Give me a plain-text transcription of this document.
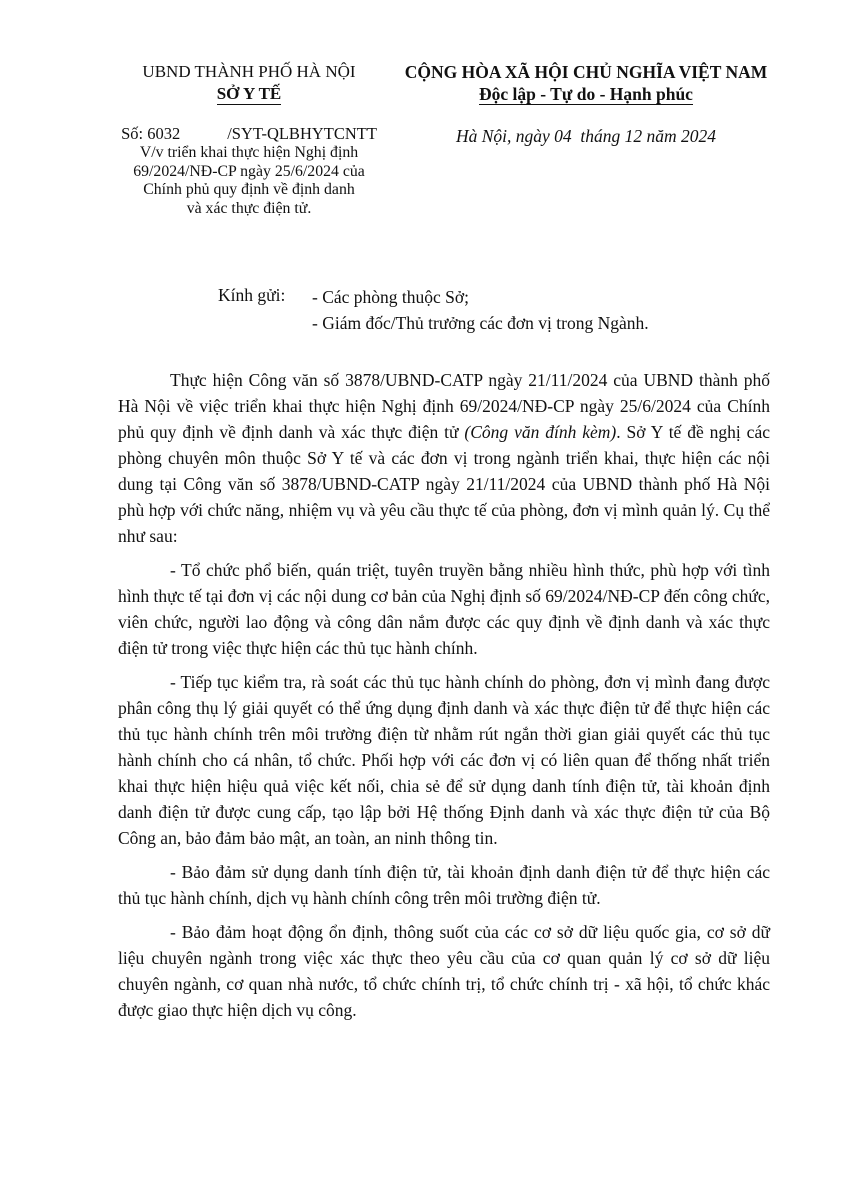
UBND THÀNH PHỐ HÀ NỘI
SỞ Y TẾ
CỘNG HÒA XÃ HỘI CHỦ NGHĨA VIỆT NAM
Độc lập - Tự do - Hạnh phúc
Số: 6032	/SYT-QLBHYTCNTT
V/v triển khai thực hiện Nghị định
69/2024/NĐ-CP ngày 25/6/2024 của
Chính phủ quy định về định danh
và xác thực điện tử.
Hà Nội, ngày 04  tháng 12 năm 2024
Kính gửi: - Các phòng thuộc Sở;
- Giám đốc/Thủ trưởng các đơn vị trong Ngành.

Thực hiện Công văn số 3878/UBND-CATP ngày 21/11/2024 của UBND thành phố Hà Nội về việc triển khai thực hiện Nghị định 69/2024/NĐ-CP ngày 25/6/2024 của Chính phủ quy định về định danh và xác thực điện tử (Công văn đính kèm). Sở Y tế đề nghị các phòng chuyên môn thuộc Sở Y tế và các đơn vị trong ngành triển khai, thực hiện các nội dung tại Công văn số 3878/UBND-CATP ngày 21/11/2024 của UBND thành phố Hà Nội phù hợp với chức năng, nhiệm vụ và yêu cầu thực tế của phòng, đơn vị mình quản lý. Cụ thể như sau:

- Tổ chức phổ biến, quán triệt, tuyên truyền bằng nhiều hình thức, phù hợp với tình hình thực tế tại đơn vị các nội dung cơ bản của Nghị định số 69/2024/NĐ-CP đến công chức, viên chức, người lao động và công dân nắm được các quy định về định danh và xác thực điện tử trong việc thực hiện các thủ tục hành chính.

- Tiếp tục kiểm tra, rà soát các thủ tục hành chính do phòng, đơn vị mình đang được phân công thụ lý giải quyết có thể ứng dụng định danh và xác thực điện tử để thực hiện các thủ tục hành chính trên môi trường điện từ nhằm rút ngắn thời gian giải quyết các thủ tục hành chính cho cá nhân, tổ chức. Phối hợp với các đơn vị có liên quan để thống nhất triển khai thực hiện hiệu quả việc kết nối, chia sẻ để sử dụng danh tính điện tử, tài khoản định danh điện tử được cung cấp, tạo lập bởi Hệ thống Định danh và xác thực điện tử của Bộ Công an, bảo đảm bảo mật, an toàn, an ninh thông tin.

- Bảo đảm sử dụng danh tính điện tử, tài khoản định danh điện tử để thực hiện các thủ tục hành chính, dịch vụ hành chính công trên môi trường điện tử.

- Bảo đảm hoạt động ổn định, thông suốt của các cơ sở dữ liệu quốc gia, cơ sở dữ liệu chuyên ngành trong việc xác thực theo yêu cầu của cơ quan quản lý cơ sở dữ liệu chuyên ngành, cơ quan nhà nước, tổ chức chính trị, tổ chức chính trị - xã hội, tổ chức khác được giao thực hiện dịch vụ công.
